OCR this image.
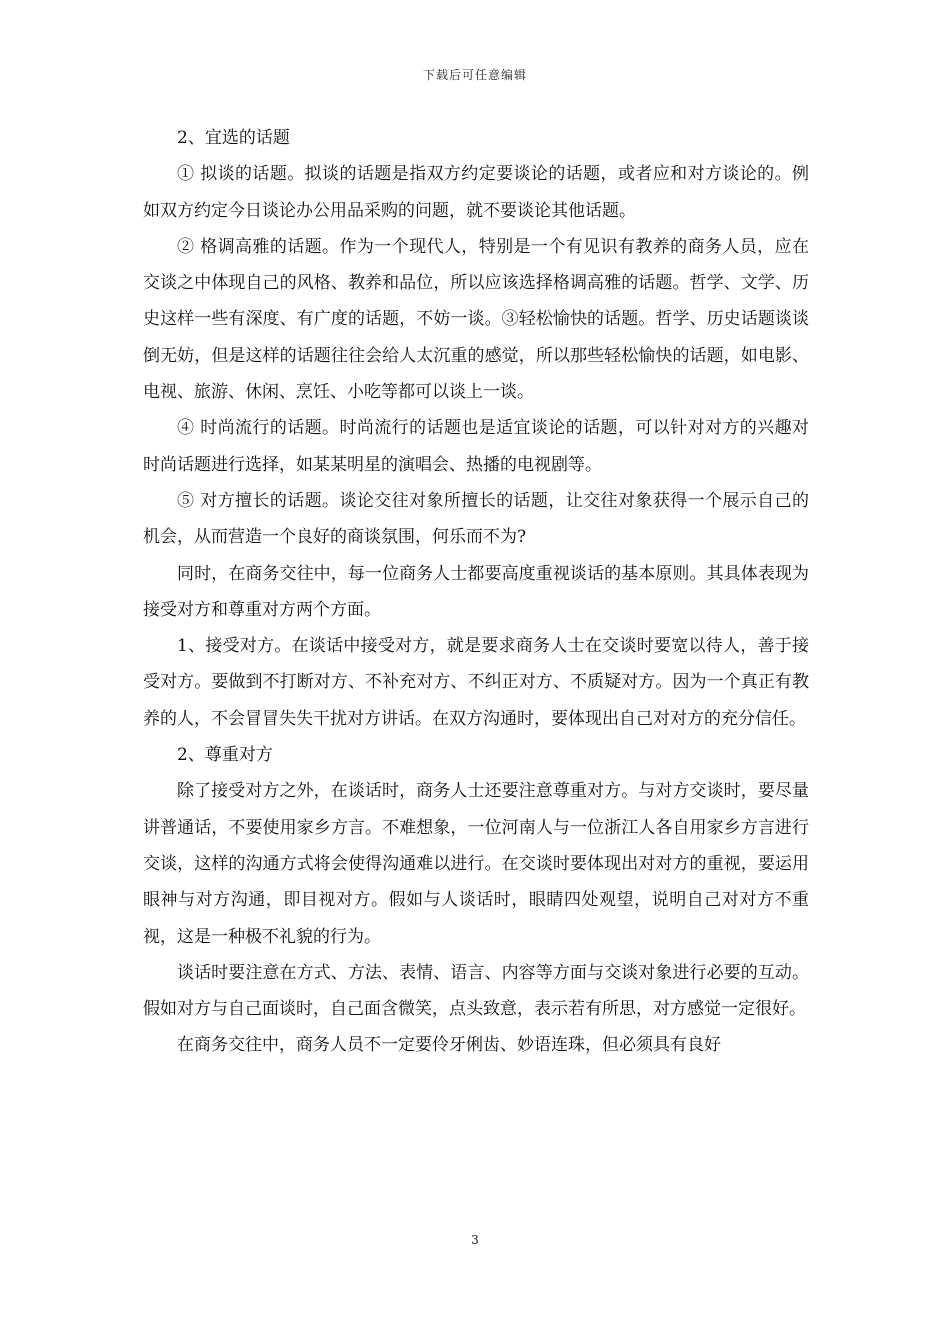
下载后可任意编辑

2、宜选的话题

① 拟谈的话题。拟谈的话题是指双方约定要谈论的话题，或者应和对方谈论的。例如双方约定今日谈论办公用品采购的问题，就不要谈论其他话题。

② 格调高雅的话题。作为一个现代人，特别是一个有见识有教养的商务人员，应在交谈之中体现自己的风格、教养和品位，所以应该选择格调高雅的话题。哲学、文学、历史这样一些有深度、有广度的话题，不妨一谈。③轻松愉快的话题。哲学、历史话题谈谈倒无妨，但是这样的话题往往会给人太沉重的感觉，所以那些轻松愉快的话题，如电影、电视、旅游、休闲、烹饪、小吃等都可以谈上一谈。

④ 时尚流行的话题。时尚流行的话题也是适宜谈论的话题，可以针对对方的兴趣对时尚话题进行选择，如某某明星的演唱会、热播的电视剧等。

⑤ 对方擅长的话题。谈论交往对象所擅长的话题，让交往对象获得一个展示自己的机会，从而营造一个良好的商谈氛围，何乐而不为?

同时，在商务交往中，每一位商务人士都要高度重视谈话的基本原则。其具体表现为接受对方和尊重对方两个方面。

1、接受对方。在谈话中接受对方，就是要求商务人士在交谈时要宽以待人，善于接受对方。要做到不打断对方、不补充对方、不纠正对方、不质疑对方。因为一个真正有教养的人，不会冒冒失失干扰对方讲话。在双方沟通时，要体现出自己对对方的充分信任。

2、尊重对方

除了接受对方之外，在谈话时，商务人士还要注意尊重对方。与对方交谈时，要尽量讲普通话，不要使用家乡方言。不难想象，一位河南人与一位浙江人各自用家乡方言进行交谈，这样的沟通方式将会使得沟通难以进行。在交谈时要体现出对对方的重视，要运用眼神与对方沟通，即目视对方。假如与人谈话时，眼睛四处观望，说明自己对对方不重视，这是一种极不礼貌的行为。

谈话时要注意在方式、方法、表情、语言、内容等方面与交谈对象进行必要的互动。假如对方与自己面谈时，自己面含微笑，点头致意，表示若有所思，对方感觉一定很好。

在商务交往中，商务人员不一定要伶牙俐齿、妙语连珠，但必须具有良好

3
